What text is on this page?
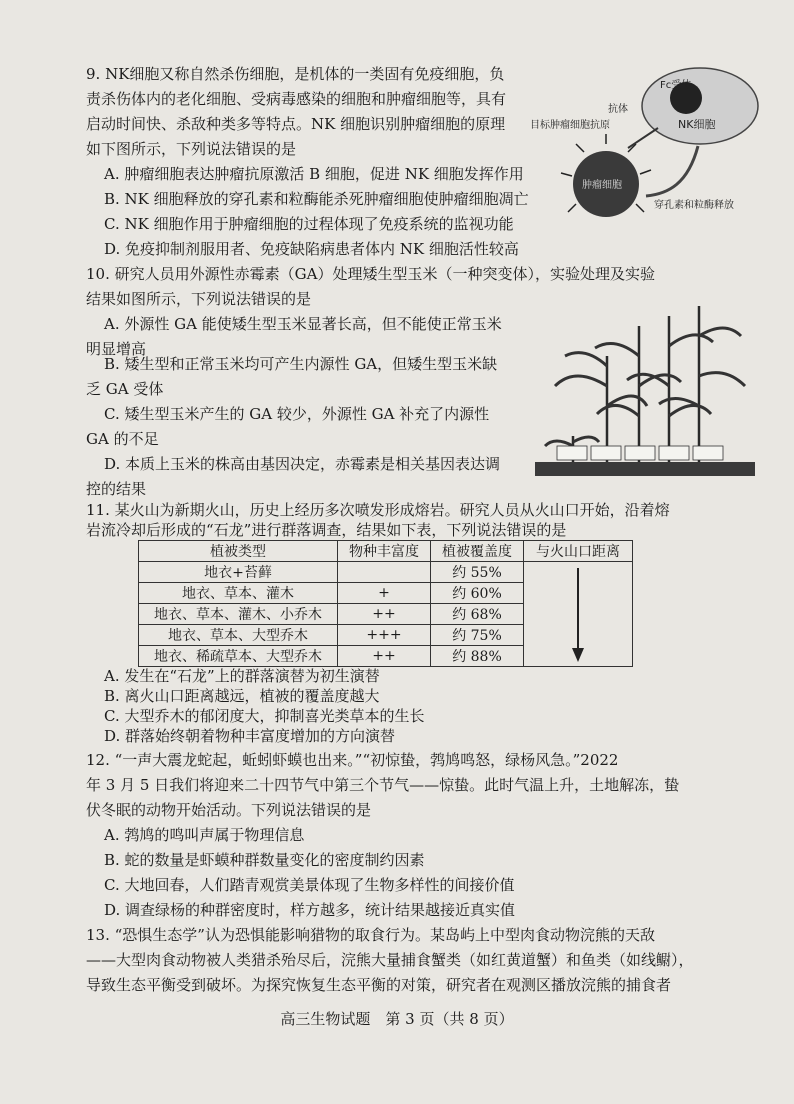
9. NK细胞又称自然杀伤细胞，是机体的一类固有免疫细胞，负
责杀伤体内的老化细胞、受病毒感染的细胞和肿瘤细胞等，具有
启动时间快、杀敌种类多等特点。NK 细胞识别肿瘤细胞的原理
如下图所示，下列说法错误的是
A. 肿瘤细胞表达肿瘤抗原激活 B 细胞，促进 NK 细胞发挥作用
B. NK 细胞释放的穿孔素和粒酶能杀死肿瘤细胞使肿瘤细胞凋亡
C. NK 细胞作用于肿瘤细胞的过程体现了免疫系统的监视功能
D. 免疫抑制剂服用者、免疫缺陷病患者体内 NK 细胞活性较高
Fc受体
抗体
目标肿瘤细胞抗原	NK细胞
肿瘤细胞
穿孔素和粒酶释放
10. 研究人员用外源性赤霉素（GA）处理矮生型玉米（一种突变体），实验处理及实验
结果如图所示，下列说法错误的是
A. 外源性 GA 能使矮生型玉米显著长高，但不能使正常玉米
明显增高
B. 矮生型和正常玉米均可产生内源性 GA，但矮生型玉米缺
乏 GA 受体
C. 矮生型玉米产生的 GA 较少，外源性 GA 补充了内源性
GA 的不足
D. 本质上玉米的株高由基因决定，赤霉素是相关基因表达调
控的结果
11. 某火山为新期火山，历史上经历多次喷发形成熔岩。研究人员从火山口开始，沿着熔
岩流冷却后形成的“石龙”进行群落调查，结果如下表，下列说法错误的是
植被类型	物种丰富度	植被覆盖度	与火山口距离
地衣+苔藓		约 55%	

地衣、草本、灌木	+	约 60%	
地衣、草本、灌木、小乔木	++	约 68%	
地衣、草本、大型乔木	+++	约 75%	
地衣、稀疏草本、大型乔木	++	约 88%	
A. 发生在“石龙”上的群落演替为初生演替
B. 离火山口距离越远，植被的覆盖度越大
C. 大型乔木的郁闭度大，抑制喜光类草本的生长
D. 群落始终朝着物种丰富度增加的方向演替
12. “一声大震龙蛇起，蚯蚓虾蟆也出来。”“初惊蛰，鹁鸠鸣怒，绿杨风急。”2022
年 3 月 5 日我们将迎来二十四节气中第三个节气——惊蛰。此时气温上升，土地解冻，蛰
伏冬眠的动物开始活动。下列说法错误的是
A. 鹁鸠的鸣叫声属于物理信息
B. 蛇的数量是虾蟆种群数量变化的密度制约因素
C. 大地回春，人们踏青观赏美景体现了生物多样性的间接价值
D. 调查绿杨的种群密度时，样方越多，统计结果越接近真实值
13. “恐惧生态学”认为恐惧能影响猎物的取食行为。某岛屿上中型肉食动物浣熊的天敌
——大型肉食动物被人类猎杀殆尽后，浣熊大量捕食蟹类（如红黄道蟹）和鱼类（如线鳚），
导致生态平衡受到破坏。为探究恢复生态平衡的对策，研究者在观测区播放浣熊的捕食者
高三生物试题　第 3 页（共 8 页）
